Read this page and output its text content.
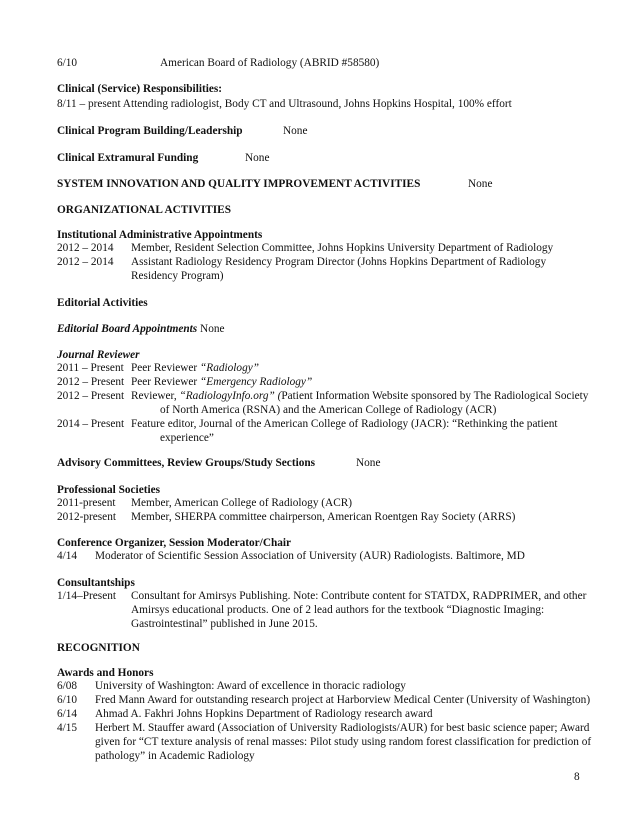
6/10	American Board of Radiology (ABRID #58580)
Clinical (Service) Responsibilities:
8/11 – present Attending radiologist, Body CT and Ultrasound, Johns Hopkins Hospital, 100% effort
Clinical Program Building/Leadership	None
Clinical Extramural Funding	None
SYSTEM INNOVATION AND QUALITY IMPROVEMENT ACTIVITIES	None
ORGANIZATIONAL ACTIVITIES
Institutional Administrative Appointments
2012 – 2014 Member, Resident Selection Committee, Johns Hopkins University Department of Radiology
2012 – 2014 Assistant Radiology Residency Program Director (Johns Hopkins Department of Radiology
Residency Program)
Editorial Activities
Editorial Board Appointments None
Journal Reviewer
2011 – Present Peer Reviewer “Radiology”
2012 – Present Peer Reviewer “Emergency Radiology”
2012 – Present Reviewer, “RadiologyInfo.org” (Patient Information Website sponsored by The Radiological Society
of North America (RSNA) and the American College of Radiology (ACR)
2014 – Present Feature editor, Journal of the American College of Radiology (JACR): “Rethinking the patient
experience”
Advisory Committees, Review Groups/Study Sections	None
Professional Societies
2011-present Member, American College of Radiology (ACR)
2012-present Member, SHERPA committee chairperson, American Roentgen Ray Society (ARRS)
Conference Organizer, Session Moderator/Chair
4/14 Moderator of Scientific Session Association of University (AUR) Radiologists. Baltimore, MD
Consultantships
1/14–Present Consultant for Amirsys Publishing. Note: Contribute content for STATDX, RADPRIMER, and other
Amirsys educational products. One of 2 lead authors for the textbook “Diagnostic Imaging:
Gastrointestinal” published in June 2015.
RECOGNITION
Awards and Honors
6/08 University of Washington: Award of excellence in thoracic radiology
6/10 Fred Mann Award for outstanding research project at Harborview Medical Center (University of Washington)
6/14 Ahmad A. Fakhri Johns Hopkins Department of Radiology research award
4/15 Herbert M. Stauffer award (Association of University Radiologists/AUR) for best basic science paper; Award
given for “CT texture analysis of renal masses: Pilot study using random forest classification for prediction of
pathology” in Academic Radiology
8
